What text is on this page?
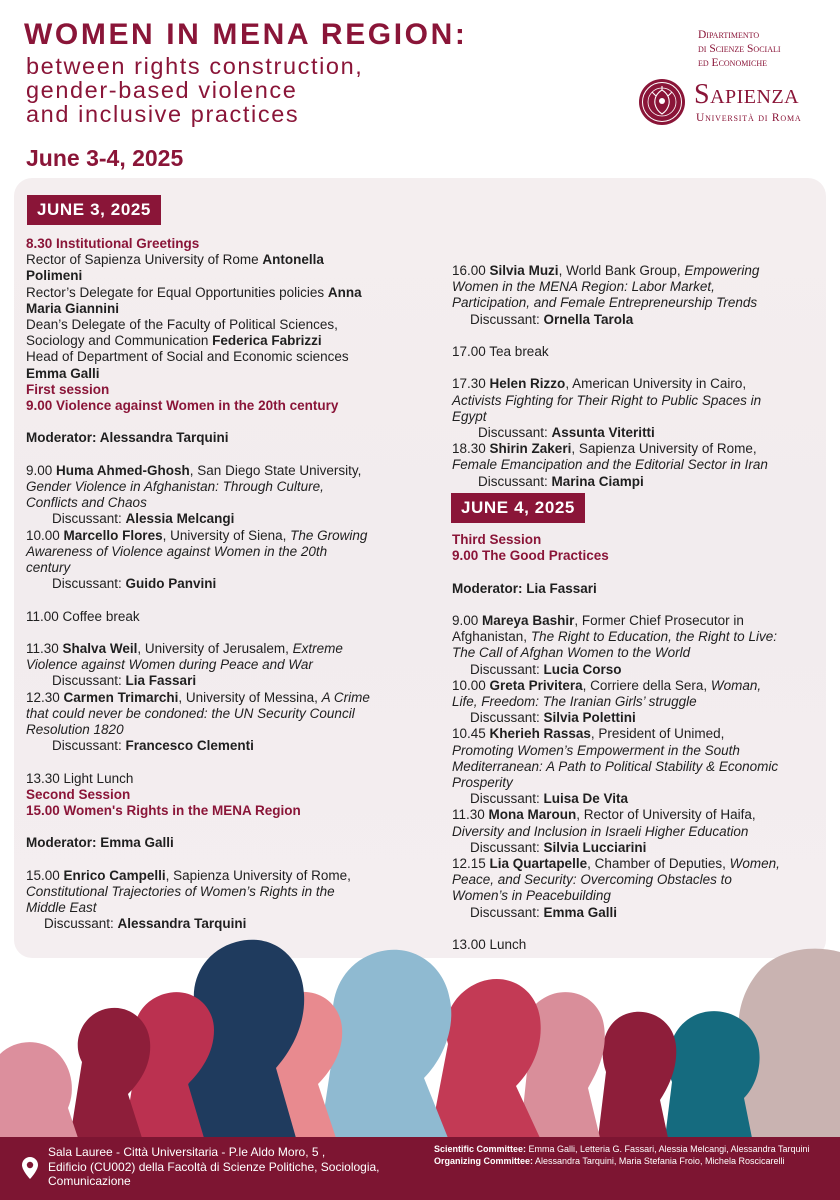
WOMEN IN MENA REGION:
between rights construction,
gender-based violence
and inclusive practices
June 3-4, 2025
Dipartimento
di Scienze Sociali
ed Economiche
Sapienza
Università di Roma
JUNE 3, 2025
JUNE 4, 2025
8.30 Institutional Greetings
Rector of Sapienza University of Rome Antonella
Polimeni
Rector’s Delegate for Equal Opportunities policies Anna
Maria Giannini
Dean’s Delegate of the Faculty of Political Sciences,
Sociology and Communication Federica Fabrizzi
Head of Department of Social and Economic sciences
Emma Galli
First session
9.00 Violence against Women in the 20th century
Moderator: Alessandra Tarquini
9.00 Huma Ahmed-Ghosh, San Diego State University,
Gender Violence in Afghanistan: Through Culture,
Conflicts and Chaos
Discussant: Alessia Melcangi
10.00 Marcello Flores, University of Siena, The Growing
Awareness of Violence against Women in the 20th
century
Discussant: Guido Panvini
11.00 Coffee break
11.30 Shalva Weil, University of Jerusalem, Extreme
Violence against Women during Peace and War
Discussant: Lia Fassari
12.30 Carmen Trimarchi, University of Messina, A Crime
that could never be condoned: the UN Security Council
Resolution 1820
Discussant: Francesco Clementi
13.30 Light Lunch
Second Session
15.00 Women's Rights in the MENA Region
Moderator: Emma Galli
15.00 Enrico Campelli, Sapienza University of Rome,
Constitutional Trajectories of Women’s Rights in the
Middle East
Discussant: Alessandra Tarquini
16.00 Silvia Muzi, World Bank Group, Empowering
Women in the MENA Region: Labor Market,
Participation, and Female Entrepreneurship Trends
Discussant: Ornella Tarola
17.00 Tea break
17.30 Helen Rizzo, American University in Cairo,
Activists Fighting for Their Right to Public Spaces in
Egypt
Discussant: Assunta Viteritti
18.30 Shirin Zakeri, Sapienza University of Rome,
Female Emancipation and the Editorial Sector in Iran
Discussant: Marina Ciampi
Third Session
9.00 The Good Practices
Moderator: Lia Fassari
9.00 Mareya Bashir, Former Chief Prosecutor in
Afghanistan, The Right to Education, the Right to Live:
The Call of Afghan Women to the World
Discussant: Lucia Corso
10.00 Greta Privitera, Corriere della Sera, Woman,
Life, Freedom: The Iranian Girls’ struggle
Discussant: Silvia Polettini
10.45 Kherieh Rassas, President of Unimed,
Promoting Women’s Empowerment in the South
Mediterranean: A Path to Political Stability & Economic
Prosperity
Discussant: Luisa De Vita
11.30 Mona Maroun, Rector of University of Haifa,
Diversity and Inclusion in Israeli Higher Education
Discussant: Silvia Lucciarini
12.15 Lia Quartapelle, Chamber of Deputies, Women,
Peace, and Security: Overcoming Obstacles to
Women’s in Peacebuilding
Discussant: Emma Galli
13.00 Lunch
Sala Lauree - Città Universitaria - P.le Aldo Moro, 5 ,
Edificio (CU002) della Facoltà di Scienze Politiche, Sociologia,
Comunicazione
Scientific Committee: Emma Galli, Letteria G. Fassari, Alessia Melcangi, Alessandra Tarquini
Organizing Committee: Alessandra Tarquini, Maria Stefania Froio, Michela Roscicarelli
